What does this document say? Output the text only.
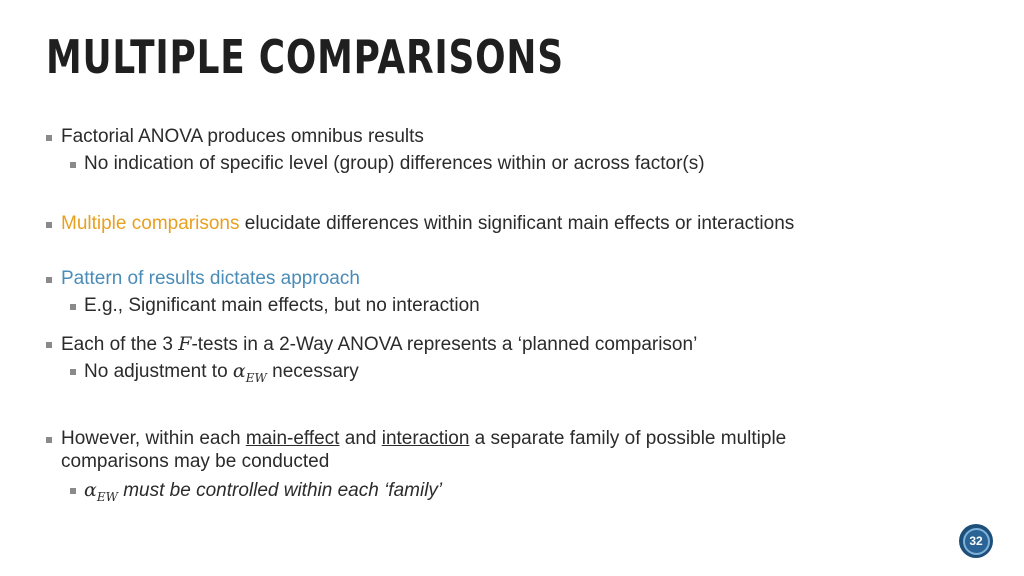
MULTIPLE COMPARISONS
Factorial ANOVA produces omnibus results
No indication of specific level (group) differences within or across factor(s)
Multiple comparisons elucidate differences within significant main effects or interactions
Pattern of results dictates approach
E.g., Significant main effects, but no interaction
Each of the 3 F-tests in a 2-Way ANOVA represents a ‘planned comparison’
No adjustment to $\alpha_{EW}$ necessary
However, within each main-effect and interaction a separate family of possible multiple
comparisons may be conducted
$\alpha_{EW}$ must be controlled within each ‘family’
32
